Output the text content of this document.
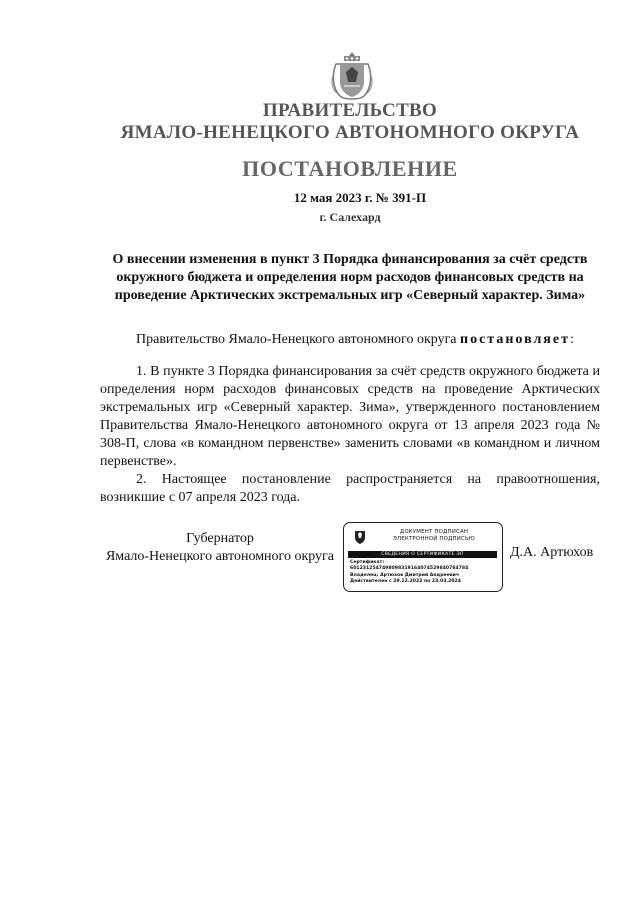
ПРАВИТЕЛЬСТВО
ЯМАЛО-НЕНЕЦКОГО АВТОНОМНОГО ОКРУГА
ПОСТАНОВЛЕНИЕ
12 мая 2023 г. № 391-П
г. Салехард
О внесении изменения в пункт 3 Порядка финансирования за счёт средств окружного бюджета и определения норм расходов финансовых средств на проведение Арктических экстремальных игр «Северный характер. Зима»

Правительство Ямало-Ненецкого автономного округа постановляет:

1. В пункте 3 Порядка финансирования за счёт средств окружного бюджета и определения норм расходов финансовых средств на проведение Арктических экстремальных игр «Северный характер. Зима», утвержденного постановлением Правительства Ямало-Ненецкого автономного округа от 13 апреля 2023 года № 308-П, слова «в командном первенстве» заменить словами «в командном и личном первенстве».

2. Настоящее постановление распространяется на правоотношения, возникшие с 07 апреля 2023 года.

Губернатор
Ямало-Ненецкого автономного округа
ДОКУМЕНТ ПОДПИСАН
ЭЛЕКТРОННОЙ ПОДПИСЬЮ
СВЕДЕНИЯ О СЕРТИФИКАТЕ ЭП
Сертификат:
6012312547498098319164074529840784784
Владелец: Артюхов Дмитрий Андреевич
Действителен с 29.12.2022 по 23.03.2024
Д.А. Артюхов
